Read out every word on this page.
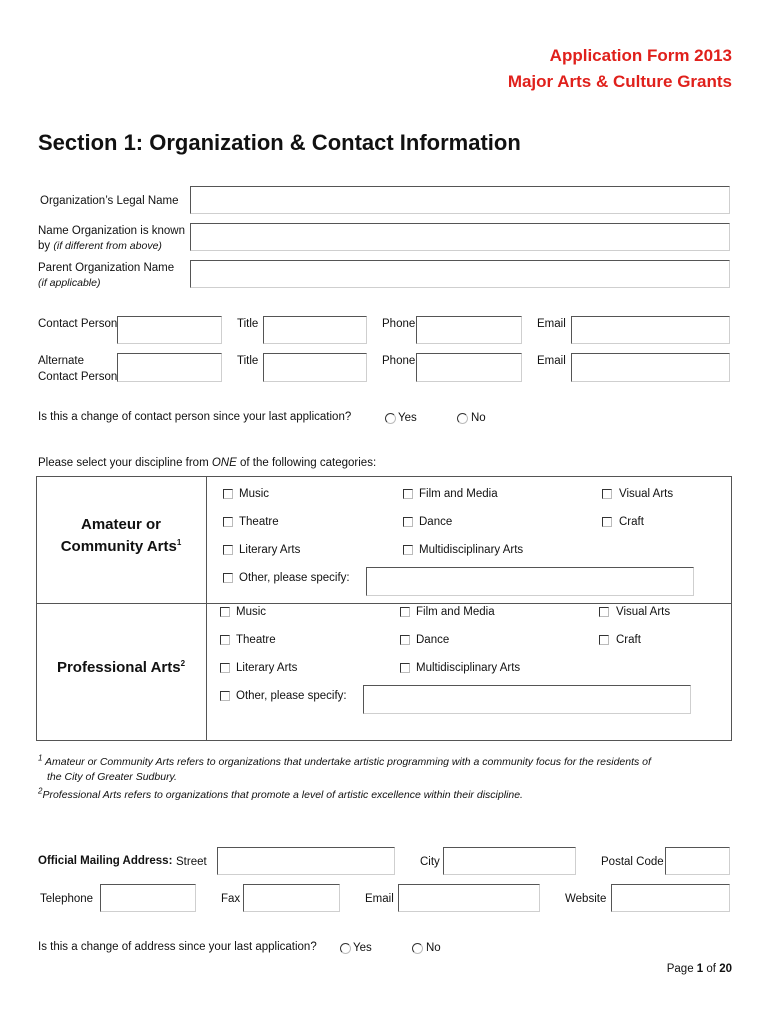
Application Form 2013
Major Arts & Culture Grants
Section 1: Organization & Contact Information
Organization’s Legal Name
Name Organization is known
by (if different from above)
Parent Organization Name
(if applicable)
Contact Person	Title	Phone	Email
Alternate
Contact Person
Title	Phone	Email
Is this a change of contact person since your last application?	Yes	No
Please select your discipline from ONE of the following categories:
Amateur or
Community Arts$^1$
Music	Film and Media	Visual Arts
Theatre	Dance	Craft
Literary Arts	Multidisciplinary Arts
Other, please specify:
Professional Arts$^2$
Music	Film and Media	Visual Arts
Theatre	Dance	Craft
Literary Arts	Multidisciplinary Arts
Other, please specify:
$^1$ Amateur or Community Arts refers to organizations that undertake artistic programming with a community focus for the residents of
the City of Greater Sudbury.
$^2$Professional Arts refers to organizations that promote a level of artistic excellence within their discipline.
Official Mailing Address: Street	City	Postal Code
Telephone	Fax	Email	Website
Is this a change of address since your last application?	Yes	No
Page 1 of 20
